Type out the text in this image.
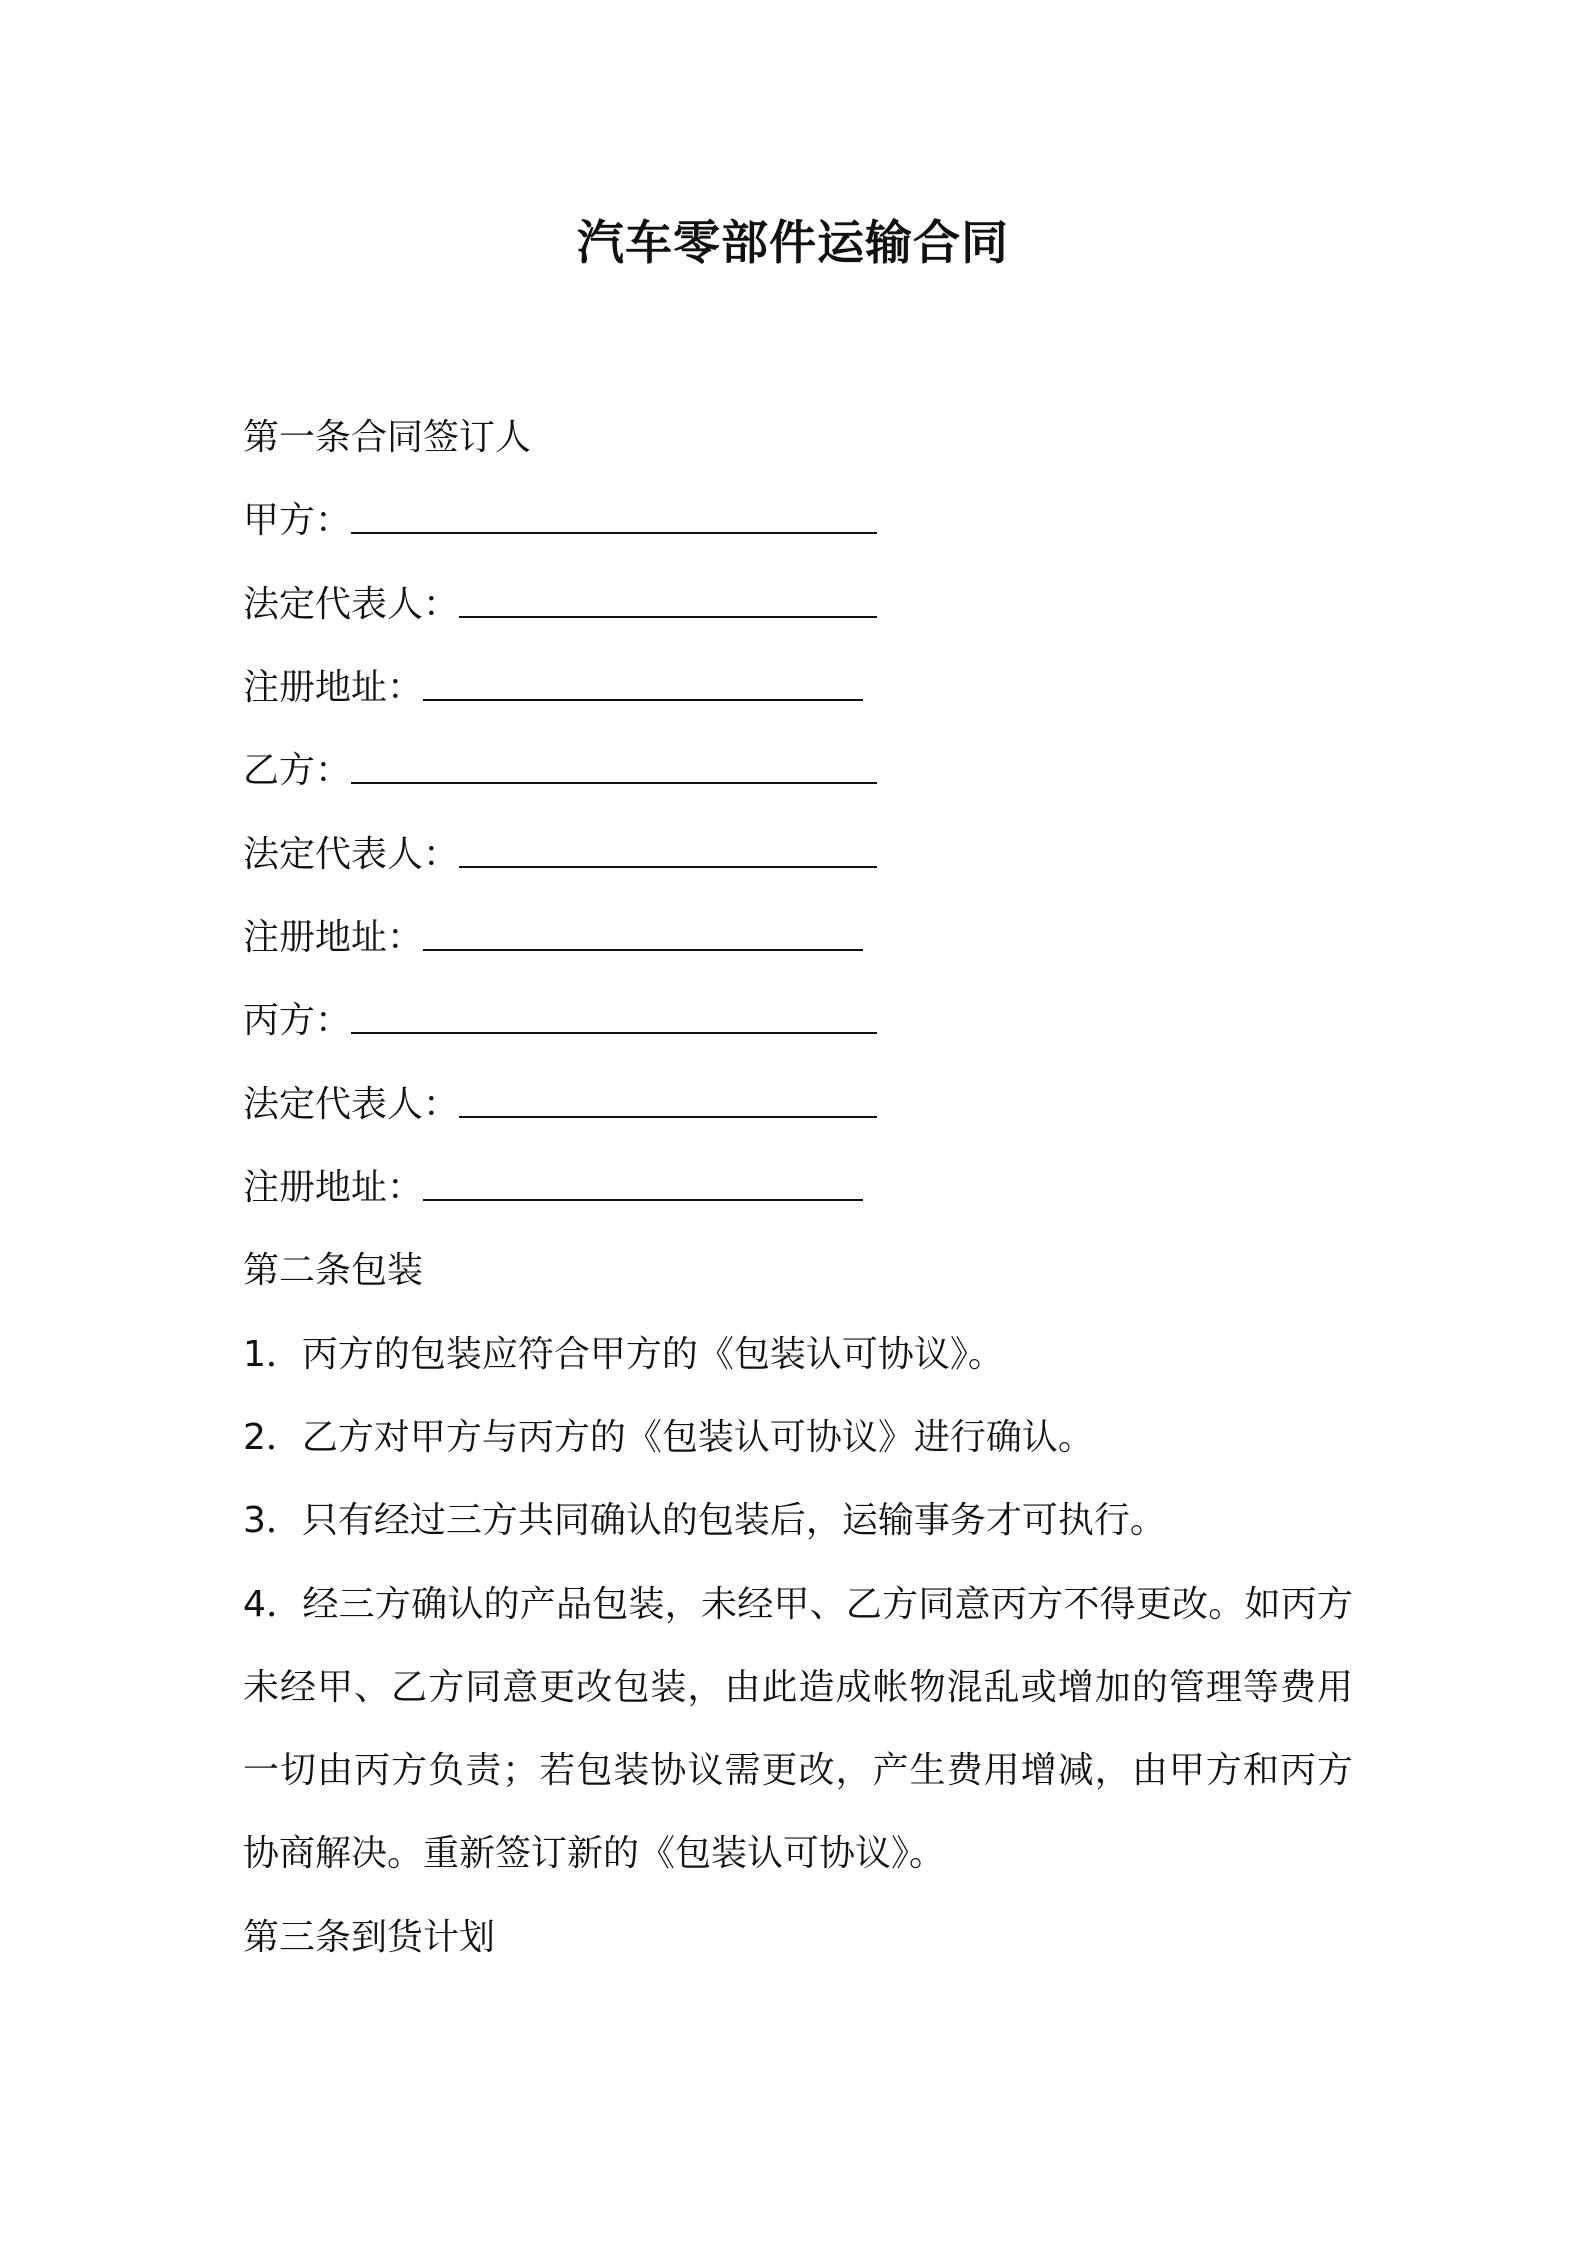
汽车零部件运输合同
第一条合同签订人
甲方：
法定代表人：
注册地址：
乙方：
法定代表人：
注册地址：
丙方：
法定代表人：
注册地址：
第二条包装
1．丙方的包装应符合甲方的《包装认可协议》。
2．乙方对甲方与丙方的《包装认可协议》进行确认。
3．只有经过三方共同确认的包装后，运输事务才可执行。
4．经三方确认的产品包装，未经甲、乙方同意丙方不得更改。如丙方未经甲、乙方同意更改包装，由此造成帐物混乱或增加的管理等费用一切由丙方负责；若包装协议需更改，产生费用增减，由甲方和丙方协商解决。重新签订新的《包装认可协议》。
第三条到货计划
